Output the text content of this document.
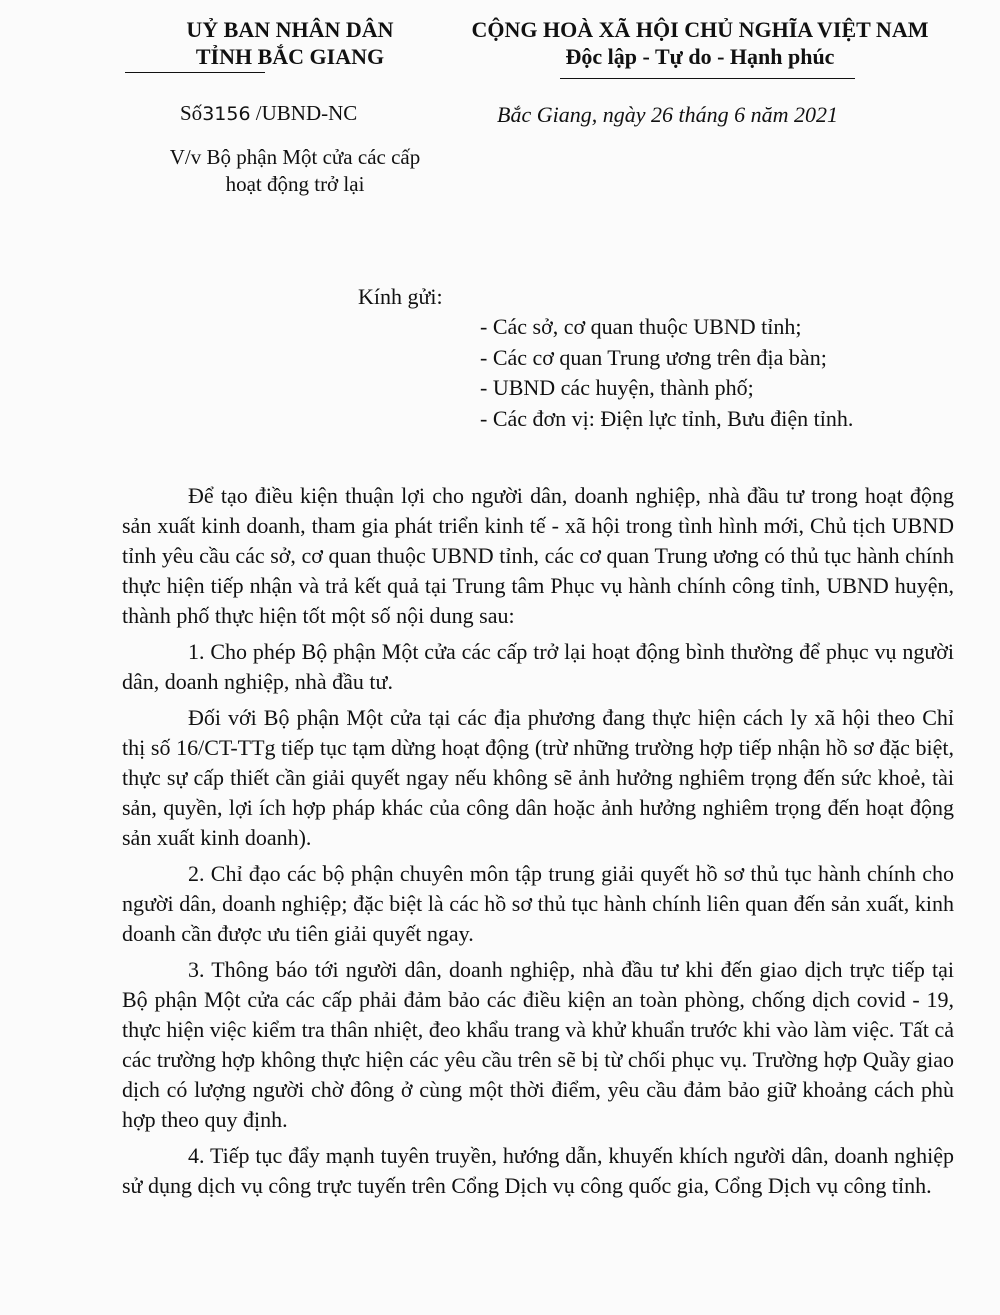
UỶ BAN NHÂN DÂN
TỈNH BẮC GIANG
CỘNG HOÀ XÃ HỘI CHỦ NGHĨA VIỆT NAM
Độc lập - Tự do - Hạnh phúc
Số3156 /UBND-NC
V/v Bộ phận Một cửa các cấp
hoạt động trở lại
Bắc Giang, ngày 26 tháng 6 năm 2021
Kính gửi:
- Các sở, cơ quan thuộc UBND tỉnh;
- Các cơ quan Trung ương trên địa bàn;
- UBND các huyện, thành phố;
- Các đơn vị: Điện lực tỉnh, Bưu điện tỉnh.

Để tạo điều kiện thuận lợi cho người dân, doanh nghiệp, nhà đầu tư trong hoạt động sản xuất kinh doanh, tham gia phát triển kinh tế - xã hội trong tình hình mới, Chủ tịch UBND tỉnh yêu cầu các sở, cơ quan thuộc UBND tỉnh, các cơ quan Trung ương có thủ tục hành chính thực hiện tiếp nhận và trả kết quả tại Trung tâm Phục vụ hành chính công tỉnh, UBND huyện, thành phố thực hiện tốt một số nội dung sau:

1. Cho phép Bộ phận Một cửa các cấp trở lại hoạt động bình thường để phục vụ người dân, doanh nghiệp, nhà đầu tư.

Đối với Bộ phận Một cửa tại các địa phương đang thực hiện cách ly xã hội theo Chỉ thị số 16/CT-TTg tiếp tục tạm dừng hoạt động (trừ những trường hợp tiếp nhận hồ sơ đặc biệt, thực sự cấp thiết cần giải quyết ngay nếu không sẽ ảnh hưởng nghiêm trọng đến sức khoẻ, tài sản, quyền, lợi ích hợp pháp khác của công dân hoặc ảnh hưởng nghiêm trọng đến hoạt động sản xuất kinh doanh).

2. Chỉ đạo các bộ phận chuyên môn tập trung giải quyết hồ sơ thủ tục hành chính cho người dân, doanh nghiệp; đặc biệt là các hồ sơ thủ tục hành chính liên quan đến sản xuất, kinh doanh cần được ưu tiên giải quyết ngay.

3. Thông báo tới người dân, doanh nghiệp, nhà đầu tư khi đến giao dịch trực tiếp tại Bộ phận Một cửa các cấp phải đảm bảo các điều kiện an toàn phòng, chống dịch covid - 19, thực hiện việc kiểm tra thân nhiệt, đeo khẩu trang và khử khuẩn trước khi vào làm việc. Tất cả các trường hợp không thực hiện các yêu cầu trên sẽ bị từ chối phục vụ. Trường hợp Quầy giao dịch có lượng người chờ đông ở cùng một thời điểm, yêu cầu đảm bảo giữ khoảng cách phù hợp theo quy định.

4. Tiếp tục đẩy mạnh tuyên truyền, hướng dẫn, khuyến khích người dân, doanh nghiệp sử dụng dịch vụ công trực tuyến trên Cổng Dịch vụ công quốc gia, Cổng Dịch vụ công tỉnh.
